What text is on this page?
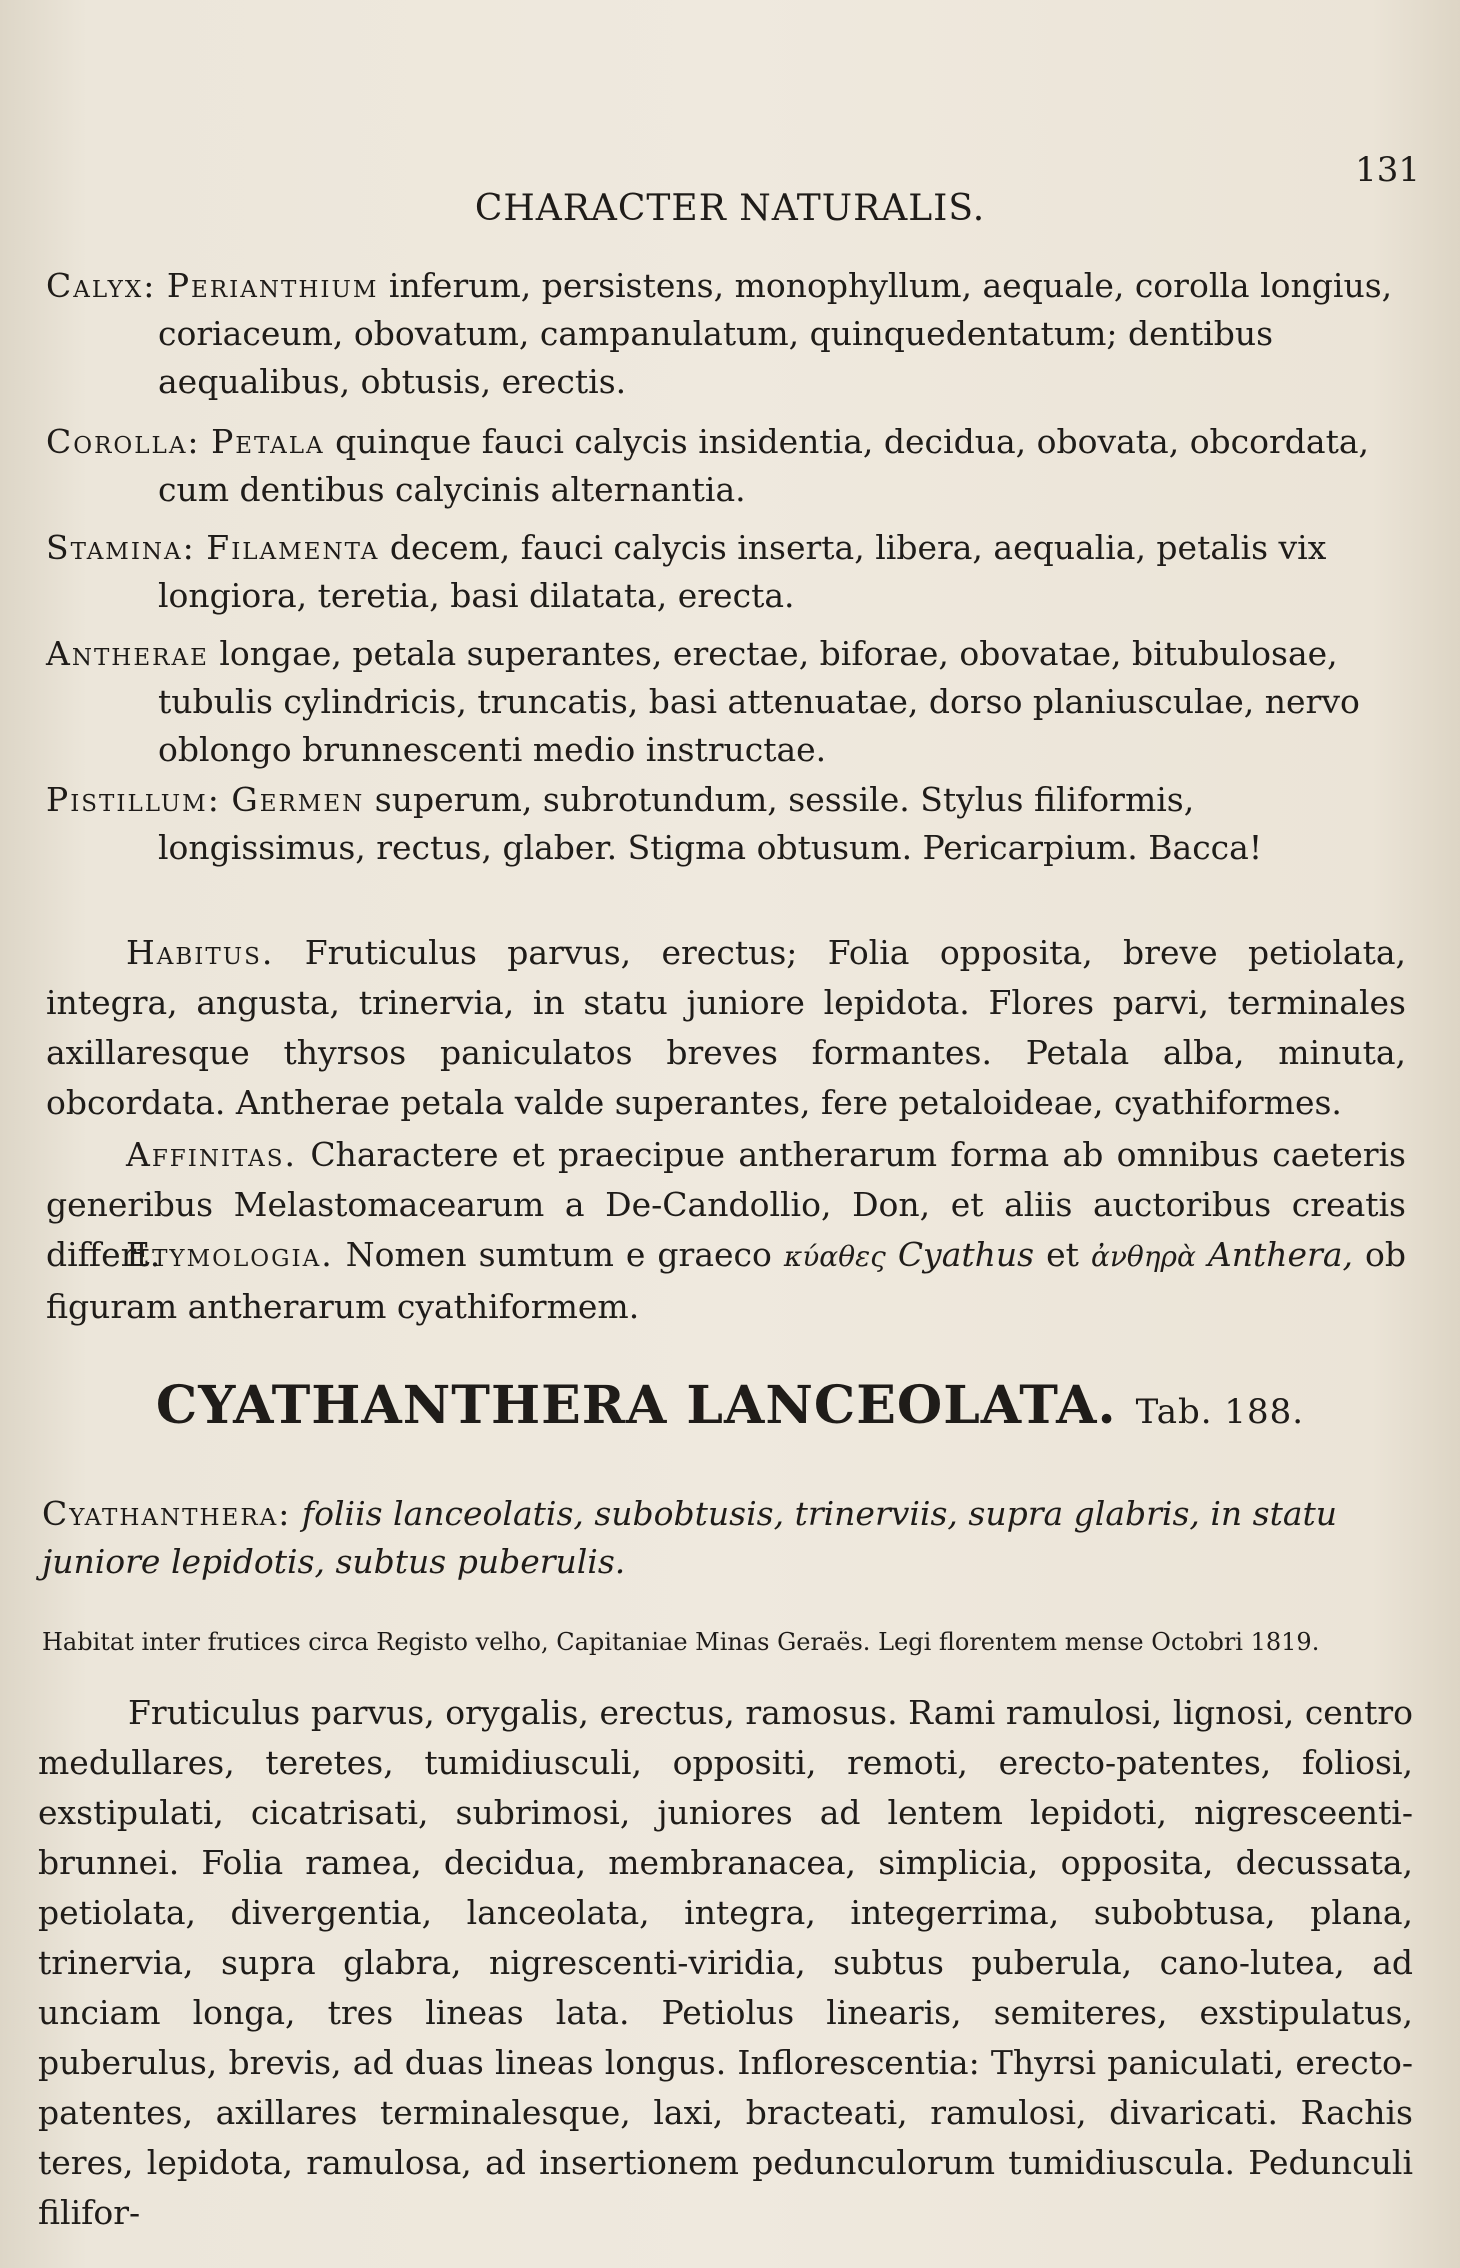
131
CHARACTER NATURALIS.
Calyx: Perianthium inferum, persistens, monophyllum, aequale, corolla longius, coriaceum, obovatum, campanulatum, quinquedentatum; dentibus aequalibus, obtusis, erectis.
Corolla: Petala quinque fauci calycis insidentia, decidua, obovata, obcordata, cum dentibus calycinis alternantia.
Stamina: Filamenta decem, fauci calycis inserta, libera, aequalia, petalis vix longiora, teretia, basi dilatata, erecta.
Antherae longae, petala superantes, erectae, biforae, obovatae, bitubulosae, tubulis cylindricis, truncatis, basi attenuatae, dorso planiusculae, nervo oblongo brunnescenti medio instructae.
Pistillum: Germen superum, subrotundum, sessile. Stylus filiformis, longissimus, rectus, glaber. Stigma obtusum. Pericarpium. Bacca!
Habitus. Fruticulus parvus, erectus; Folia opposita, breve petiolata, integra, angusta, trinervia, in statu juniore lepidota. Flores parvi, terminales axillaresque thyrsos paniculatos breves formantes. Petala alba, minuta, obcordata. Antherae petala valde superantes, fere petaloideae, cyathiformes.
Affinitas. Charactere et praecipue antherarum forma ab omnibus caeteris generibus Melastomacearum a De-Candollio, Don, et aliis auctoribus creatis differt.
Etymologia. Nomen sumtum e graeco κύαθες Cyathus et ἀνθηρὰ Anthera, ob figuram antherarum cyathiformem.
CYATHANTHERA LANCEOLATA. Tab. 188.
Cyathanthera: foliis lanceolatis, subobtusis, trinerviis, supra glabris, in statu juniore lepidotis, subtus puberulis.
Habitat inter frutices circa Registo velho, Capitaniae Minas Geraës. Legi florentem mense Octobri 1819.
Fruticulus parvus, orygalis, erectus, ramosus. Rami ramulosi, lignosi, centro medullares, teretes, tumidiusculi, oppositi, remoti, erecto-patentes, foliosi, exstipulati, cicatrisati, subrimosi, juniores ad lentem lepidoti, nigresceenti-brunnei. Folia ramea, decidua, membranacea, simplicia, opposita, decussata, petiolata, divergentia, lanceolata, integra, integerrima, subobtusa, plana, trinervia, supra glabra, nigrescenti-viridia, subtus puberula, cano-lutea, ad unciam longa, tres lineas lata. Petiolus linearis, semiteres, exstipulatus, puberulus, brevis, ad duas lineas longus. Inflorescentia: Thyrsi paniculati, erecto-patentes, axillares terminalesque, laxi, bracteati, ramulosi, divaricati. Rachis teres, lepidota, ramulosa, ad insertionem pedunculorum tumidiuscula. Pedunculi filifor-
